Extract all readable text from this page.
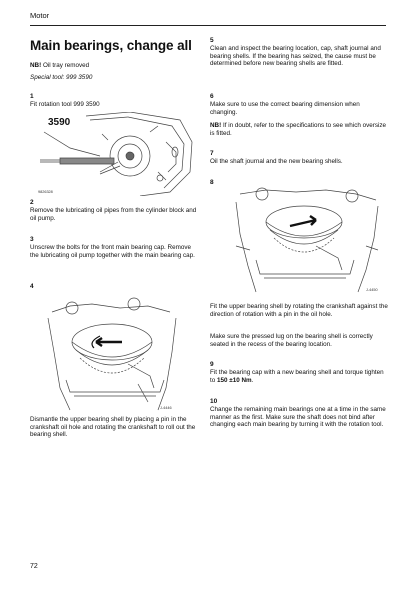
Motor
Main bearings, change all
NB! Oil tray removed
Special tool: 999 3590
1
Fit rotation tool 999 3590
3590
9826328
2
Remove the lubricating oil pipes from the cylinder block and oil pump.
3
Unscrew the bolts for the front main bearing cap. Remove the lubricating oil pump together with the main bearing cap.
4
J-4446
Dismantle the upper bearing shell by placing a pin in the crankshaft oil hole and rotating the crankshaft to roll out the bearing shell.
5
Clean and inspect the bearing location, cap, shaft journal and bearing shells. If the bearing has seized, the cause must be determined before new bearing shells are fitted.
6
Make sure to use the correct bearing dimension when changing.
NB! If in doubt, refer to the specifications to see which oversize is fitted.
7
Oil the shaft journal and the new bearing shells.
8
J-4450
Fit the upper bearing shell by rotating the crankshaft against the direction of rotation with a pin in the oil hole.
Make sure the pressed lug on the bearing shell is correctly seated in the recess of the bearing location.
9
Fit the bearing cap with a new bearing shell and torque tighten to 150 ±10 Nm.
10
Change the remaining main bearings one at a time in the same manner as the first. Make sure the shaft does not bind after changing each main bearing by turning it with the rotation tool.
72
